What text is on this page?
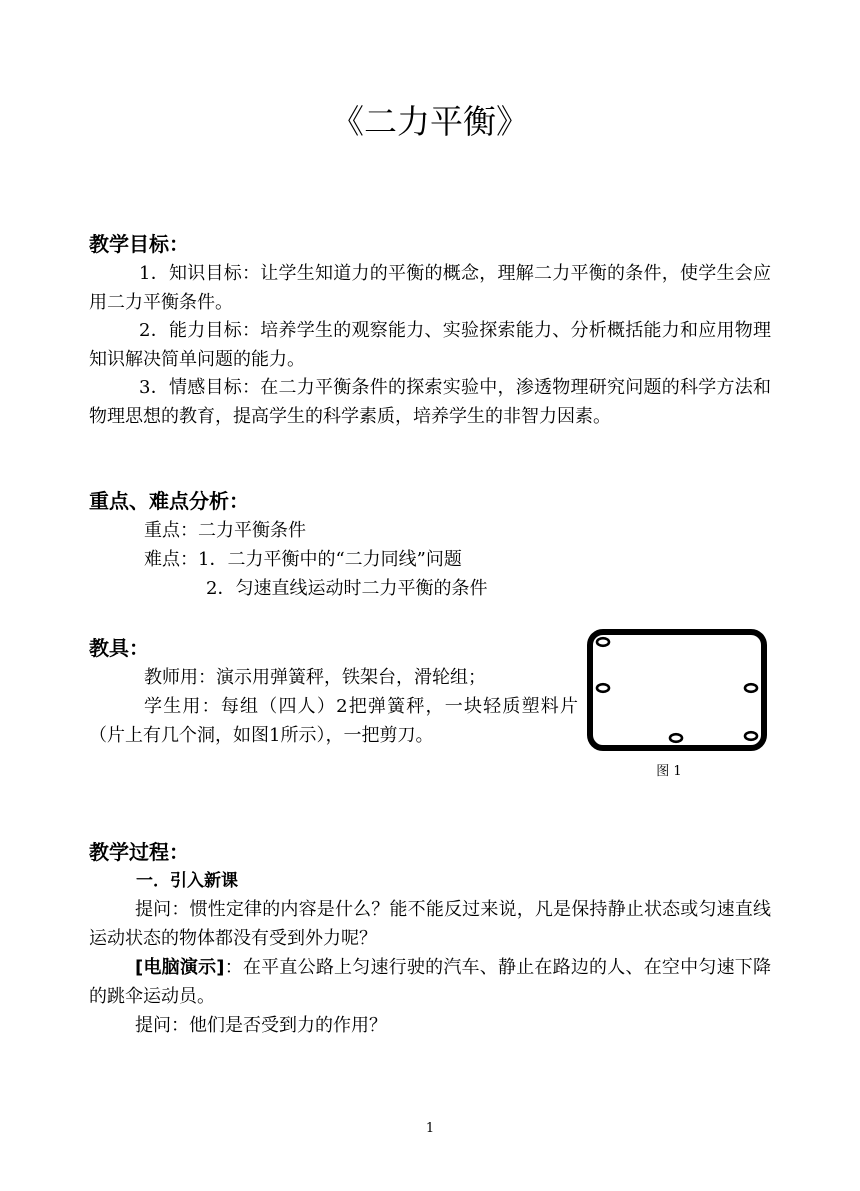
《二力平衡》
教学目标：

1．知识目标：让学生知道力的平衡的概念，理解二力平衡的条件，使学生会应用二力平衡条件。

2．能力目标：培养学生的观察能力、实验探索能力、分析概括能力和应用物理知识解决简单问题的能力。

3．情感目标：在二力平衡条件的探索实验中，渗透物理研究问题的科学方法和物理思想的教育，提高学生的科学素质，培养学生的非智力因素。

重点、难点分析：

重点：二力平衡条件

难点：1．二力平衡中的“二力同线”问题

2．匀速直线运动时二力平衡的条件

教具：

教师用：演示用弹簧秤，铁架台，滑轮组；

学生用：每组（四人）2把弹簧秤，一块轻质塑料片（片上有几个洞，如图1所示），一把剪刀。

图 1
教学过程：
一．引入新课

提问：惯性定律的内容是什么？能不能反过来说，凡是保持静止状态或匀速直线运动状态的物体都没有受到外力呢？

[电脑演示]：在平直公路上匀速行驶的汽车、静止在路边的人、在空中匀速下降的跳伞运动员。

提问：他们是否受到力的作用？

1
